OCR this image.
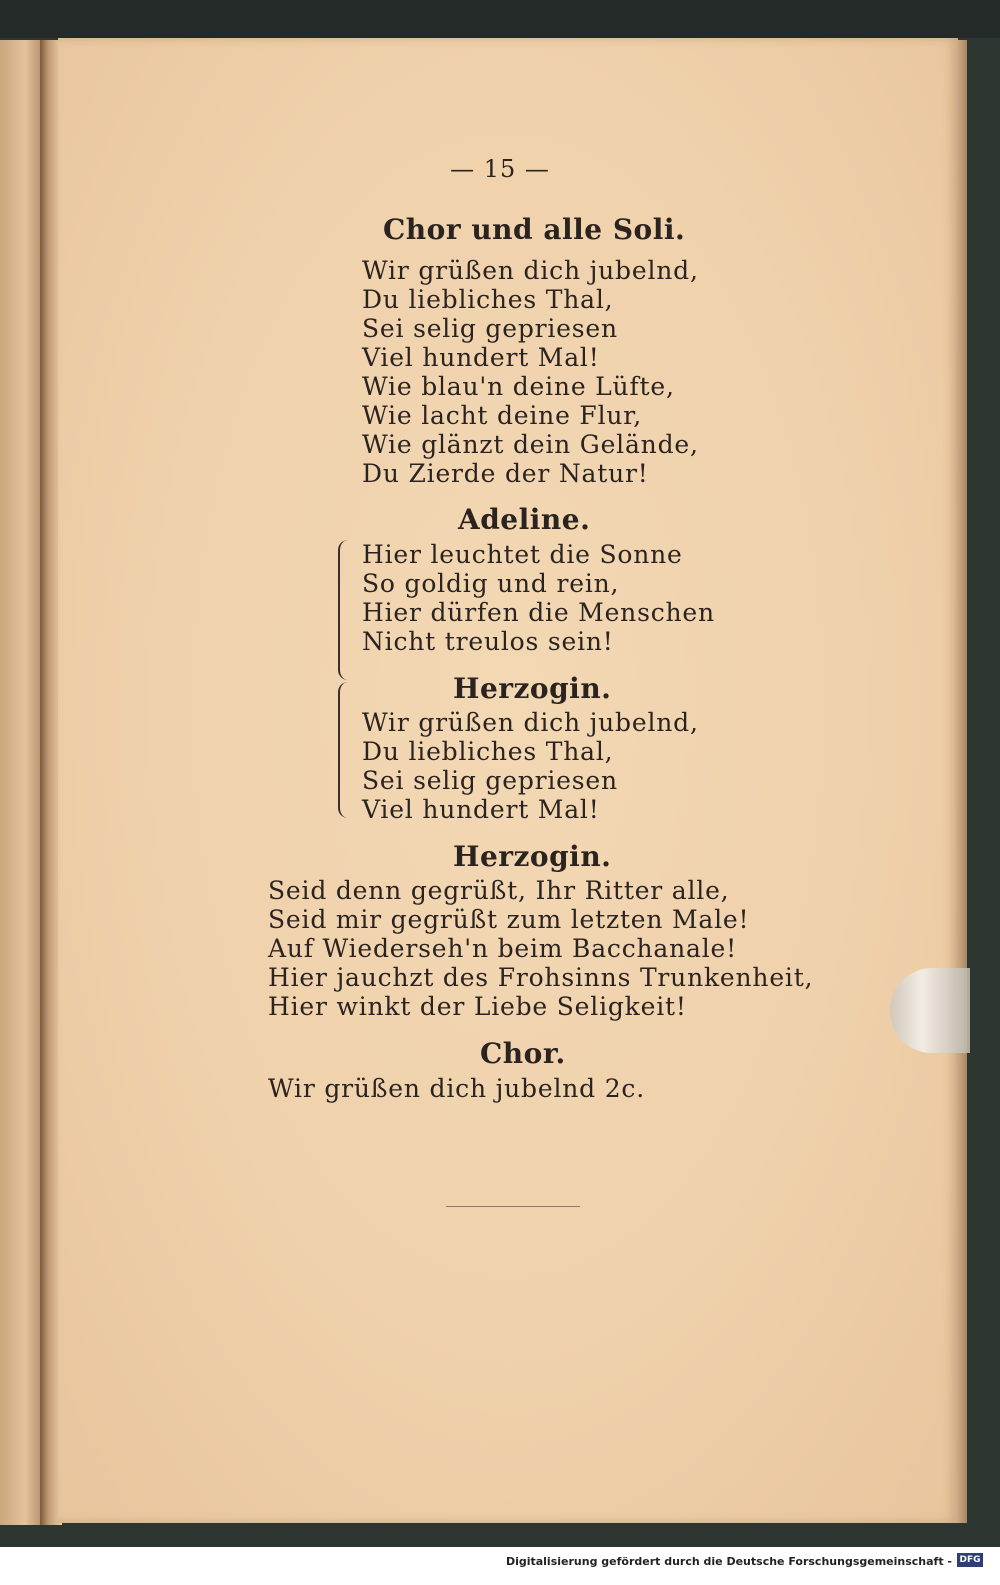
— 15 —
Chor und alle Soli.
Wir grüßen dich jubelnd,
Du liebliches Thal,
Sei selig gepriesen
Viel hundert Mal!
Wie blau'n deine Lüfte,
Wie lacht deine Flur,
Wie glänzt dein Gelände,
Du Zierde der Natur!
Adeline.
Hier leuchtet die Sonne
So goldig und rein,
Hier dürfen die Menschen
Nicht treulos sein!
Herzogin.
Wir grüßen dich jubelnd,
Du liebliches Thal,
Sei selig gepriesen
Viel hundert Mal!
Herzogin.
Seid denn gegrüßt, Ihr Ritter alle,
Seid mir gegrüßt zum letzten Male!
Auf Wiederseh'n beim Bacchanale!
Hier jauchzt des Frohsinns Trunkenheit,
Hier winkt der Liebe Seligkeit!
Chor.
Wir grüßen dich jubelnd 2c.
Digitalisierung gefördert durch die Deutsche Forschungsgemeinschaft - DFG
